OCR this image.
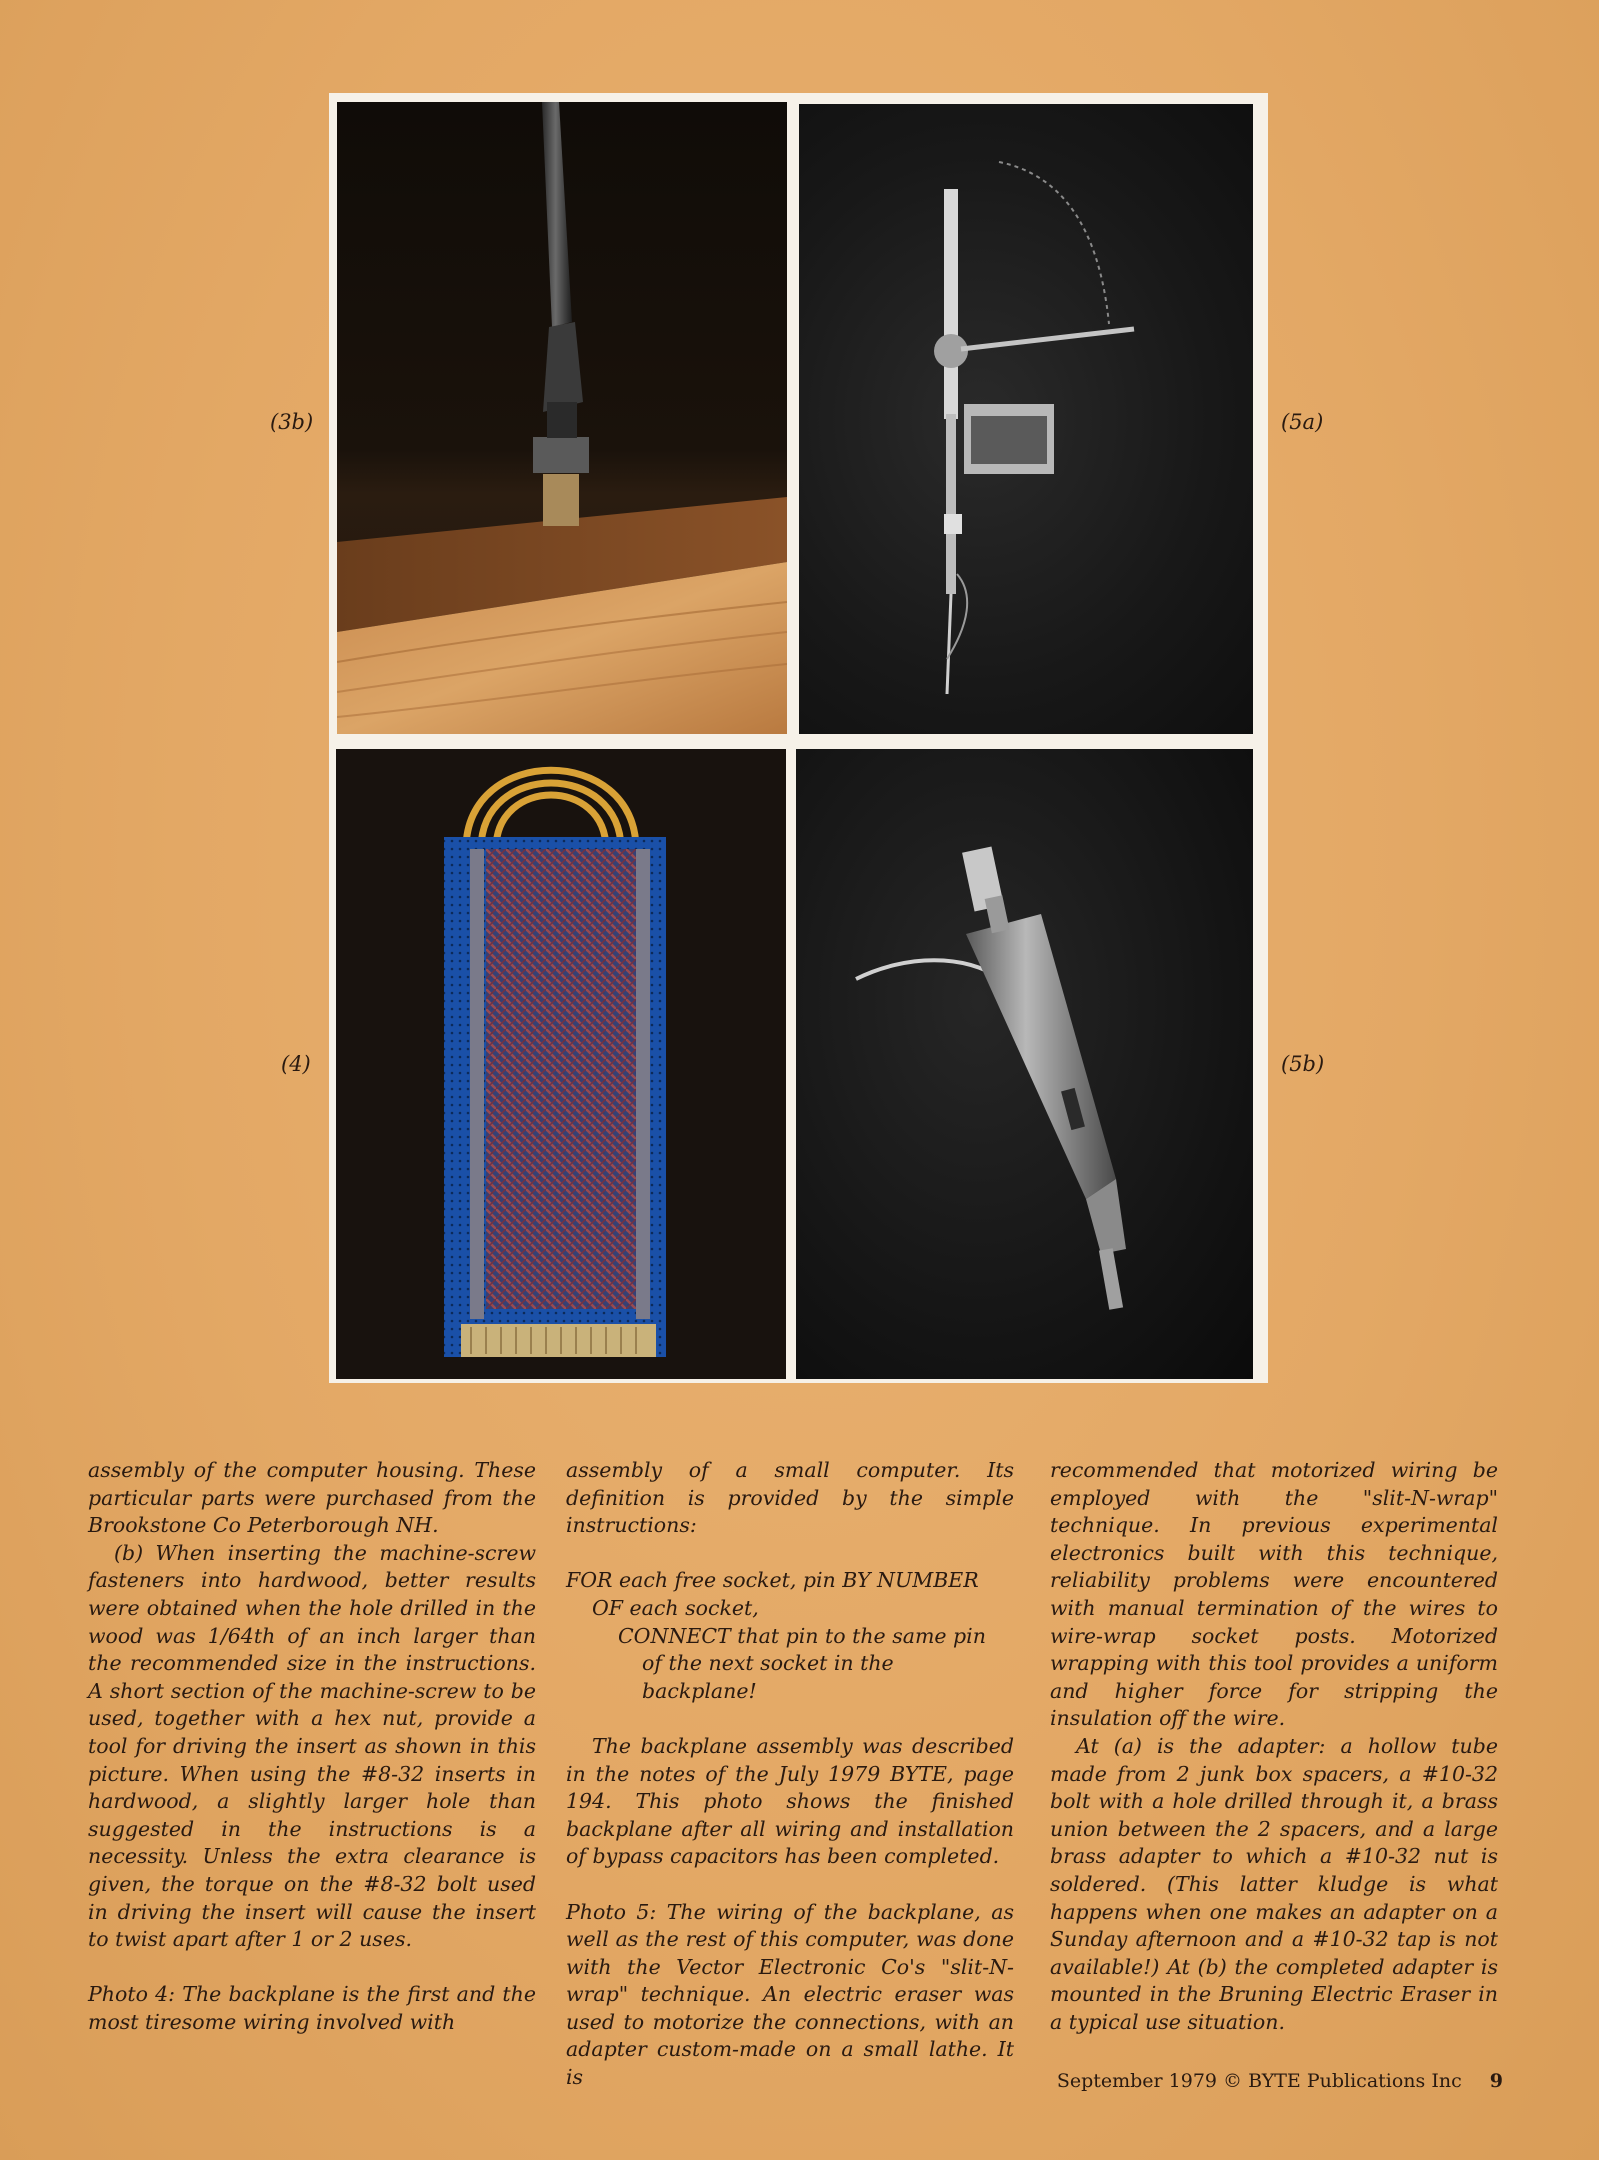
(3b)	(5a)
(4)	(5b)

assembly of the computer housing. These particular parts were purchased from the Brookstone Co Peterborough NH.

(b) When inserting the machine-screw fasteners into hardwood, better results were obtained when the hole drilled in the wood was 1/64th of an inch larger than the recommended size in the instructions. A short section of the machine-screw to be used, together with a hex nut, provide a tool for driving the insert as shown in this picture. When using the #8-32 inserts in hardwood, a slightly larger hole than suggested in the instructions is a necessity. Unless the extra clearance is given, the torque on the #8-32 bolt used in driving the insert will cause the insert to twist apart after 1 or 2 uses.

Photo 4: The backplane is the first and the most tiresome wiring involved with

assembly of a small computer. Its definition is provided by the simple instructions:

FOR each free socket, pin BY NUMBER
OF each socket,
CONNECT that pin to the same pin
of the next socket in the backplane!

The backplane assembly was described in the notes of the July 1979 BYTE, page 194. This photo shows the finished backplane after all wiring and installation of bypass capacitors has been completed.

Photo 5: The wiring of the backplane, as well as the rest of this computer, was done with the Vector Electronic Co's "slit-N-wrap" technique. An electric eraser was used to motorize the connections, with an adapter custom-made on a small lathe. It is

recommended that motorized wiring be employed with the "slit-N-wrap" technique. In previous experimental electronics built with this technique, reliability problems were encountered with manual termination of the wires to wire-wrap socket posts. Motorized wrapping with this tool provides a uniform and higher force for stripping the insulation off the wire.

At (a) is the adapter: a hollow tube made from 2 junk box spacers, a #10-32 bolt with a hole drilled through it, a brass union between the 2 spacers, and a large brass adapter to which a #10-32 nut is soldered. (This latter kludge is what happens when one makes an adapter on a Sunday afternoon and a #10-32 tap is not available!) At (b) the completed adapter is mounted in the Bruning Electric Eraser in a typical use situation.

September 1979 © BYTE Publications Inc 9
